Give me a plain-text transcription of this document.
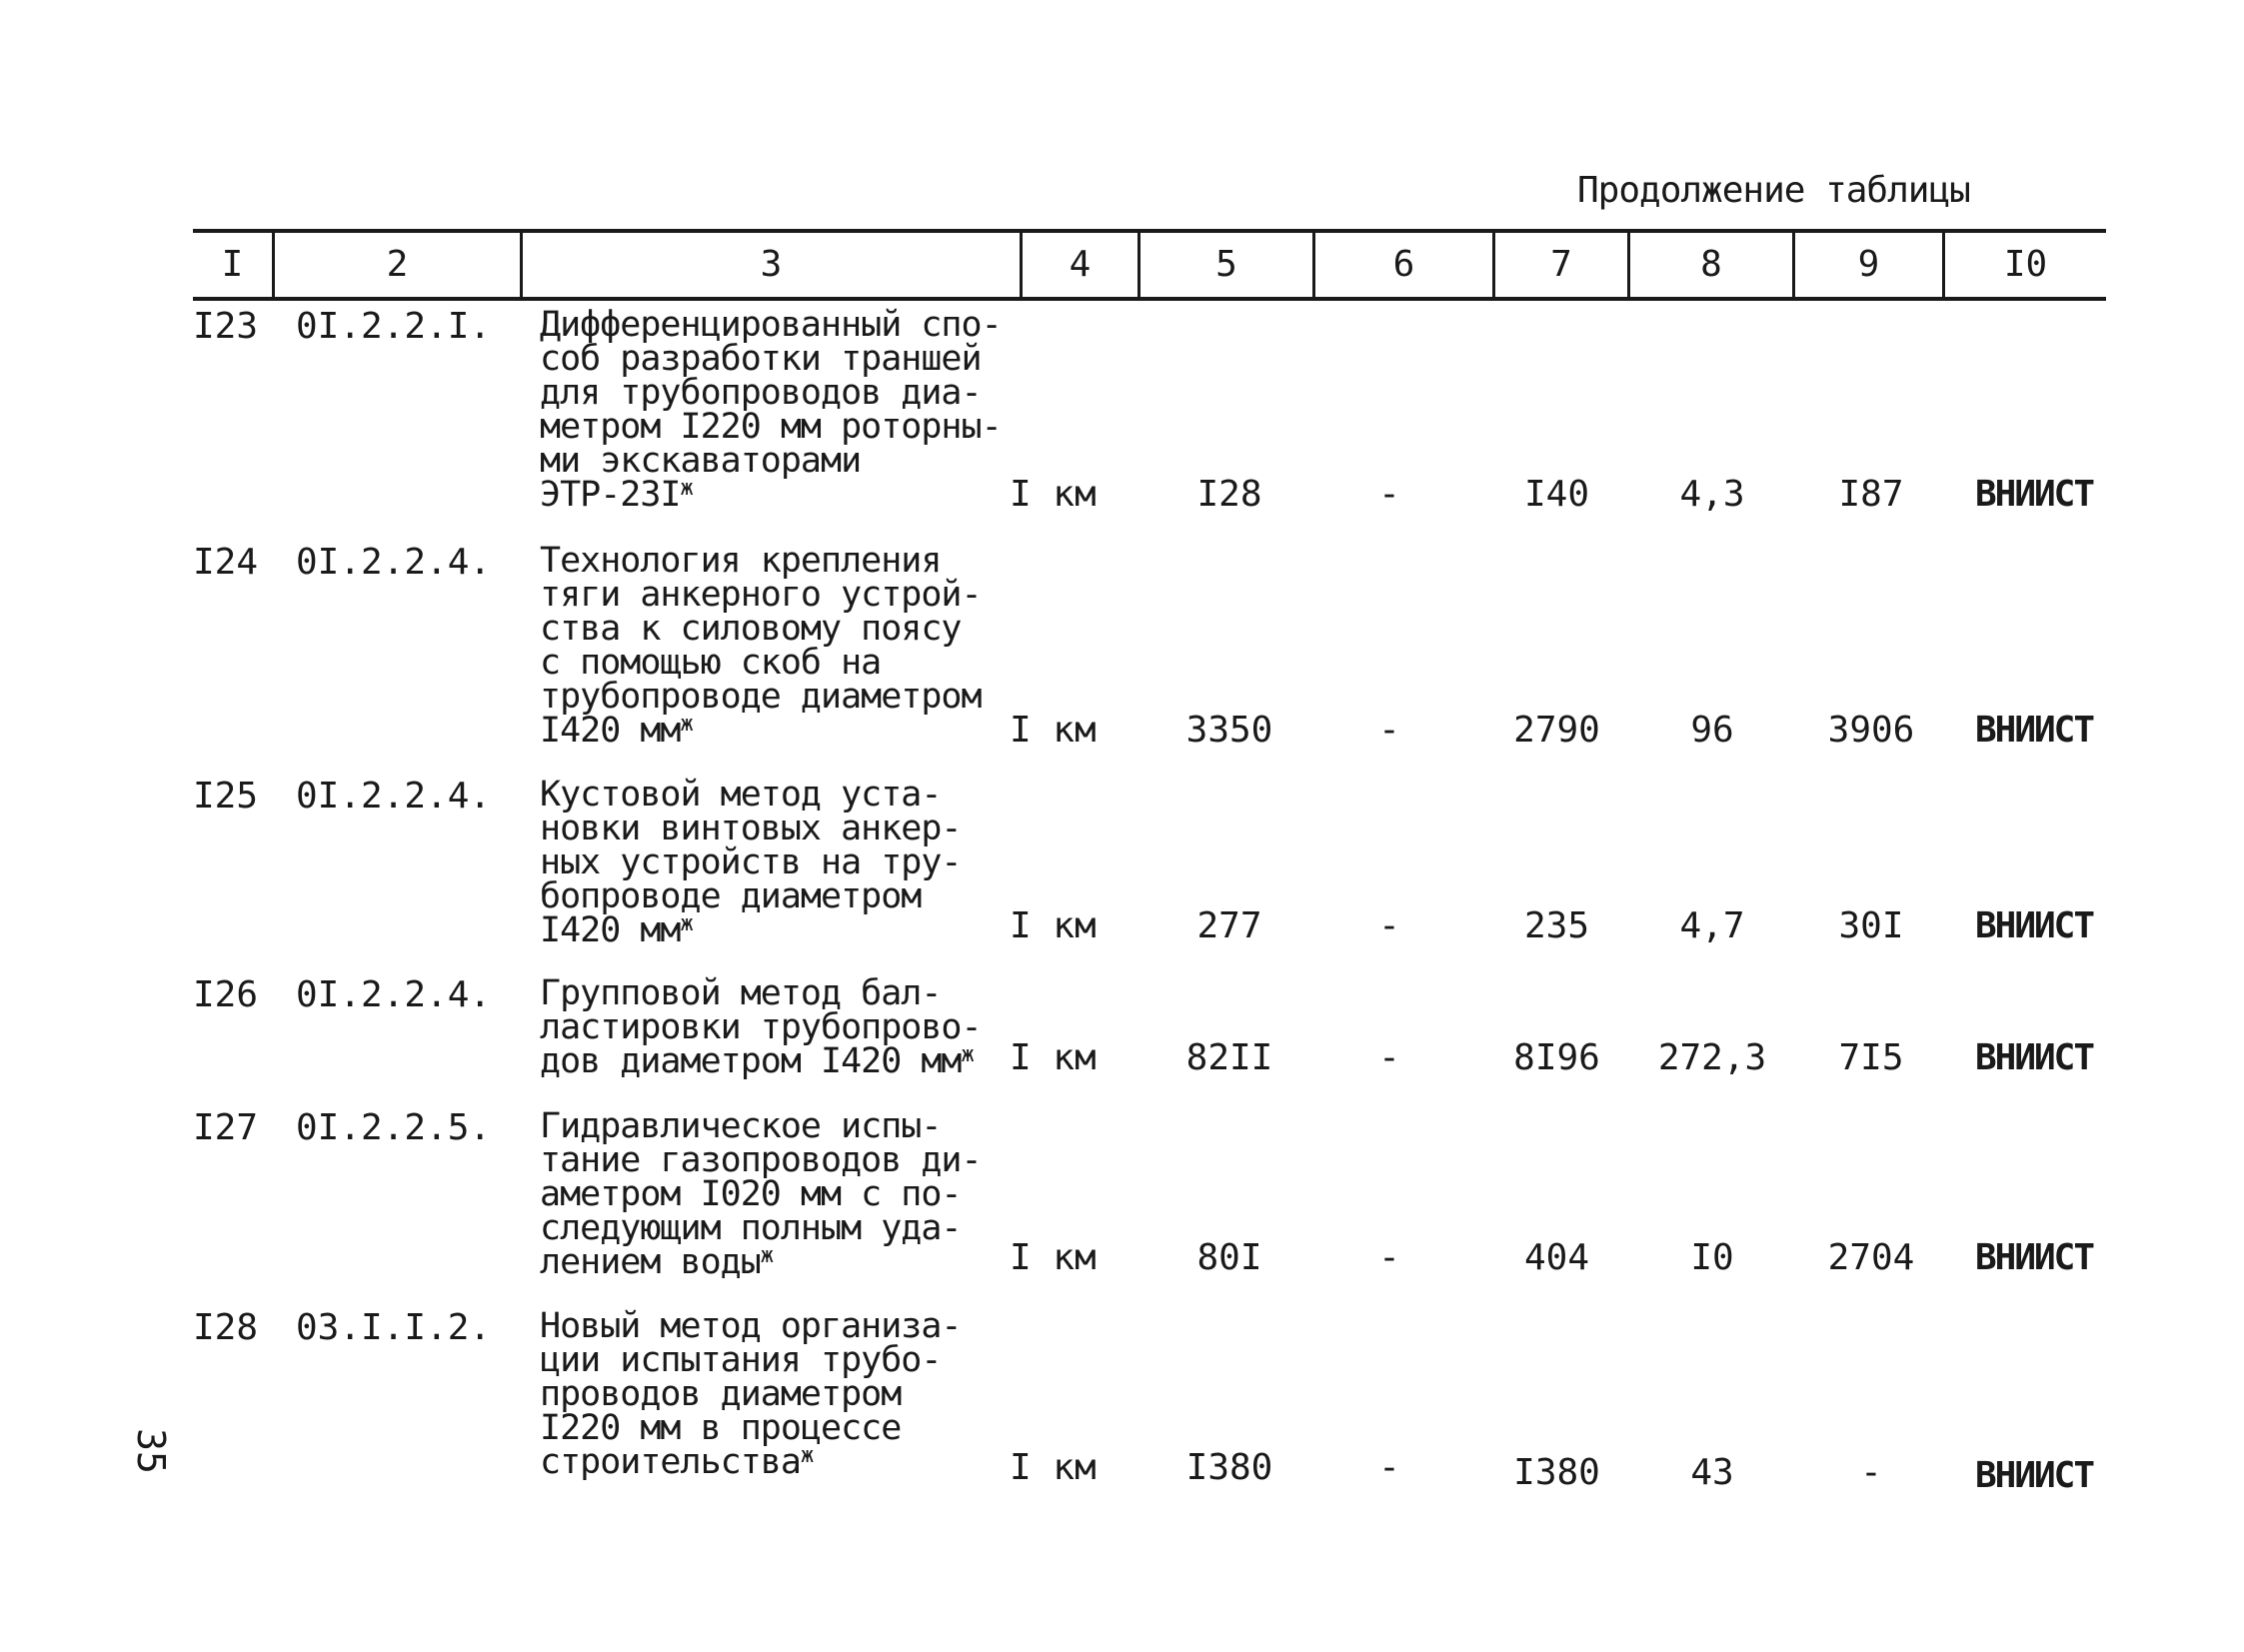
Продолжение таблицы
I	2	3	4	5	6	7	8	9	I0
I23 0I.2.2.I. Дифференцированный спо-
соб разработки траншей
для трубопроводов диа-
метром I220 мм роторны-
ми экскаваторами
ЭТР-$23I^ж$	I км	I28	-	I40	4,3	I87	ВНИИСТ
I24 0I.2.2.4. Технология крепления
тяги анкерного устрой-
ства к силовому поясу
с помощью скоб на
трубопроводе диаметром
I420 $мм^ж$	I км	3350	-	2790	96	3906	ВНИИСТ
I25 0I.2.2.4. Кустовой метод уста-
новки винтовых анкер-
ных устройств на тру-
бопроводе диаметром
I420 $мм^ж$	I км	277	-	235	4,7	30I	ВНИИСТ
I26 0I.2.2.4. Групповой метод бал-
ластировки трубопрово-
дов диаметром I420 $мм^ж$	I км	82II	-	8I96	272,3	7I5	ВНИИСТ
I27 0I.2.2.5. Гидравлическое испы-
тание газопроводов ди-
аметром I020 мм с по-
следующим полным уда-
лением воды$^ж$	I км	80I	-	404	I0	2704	ВНИИСТ
I28 03.I.I.2. Новый метод организа-
ции испытания трубо-
проводов диаметром
I220 мм в процессе
строительства$^ж$	I км	I380	-	I380	43	-	ВНИИСТ
35
